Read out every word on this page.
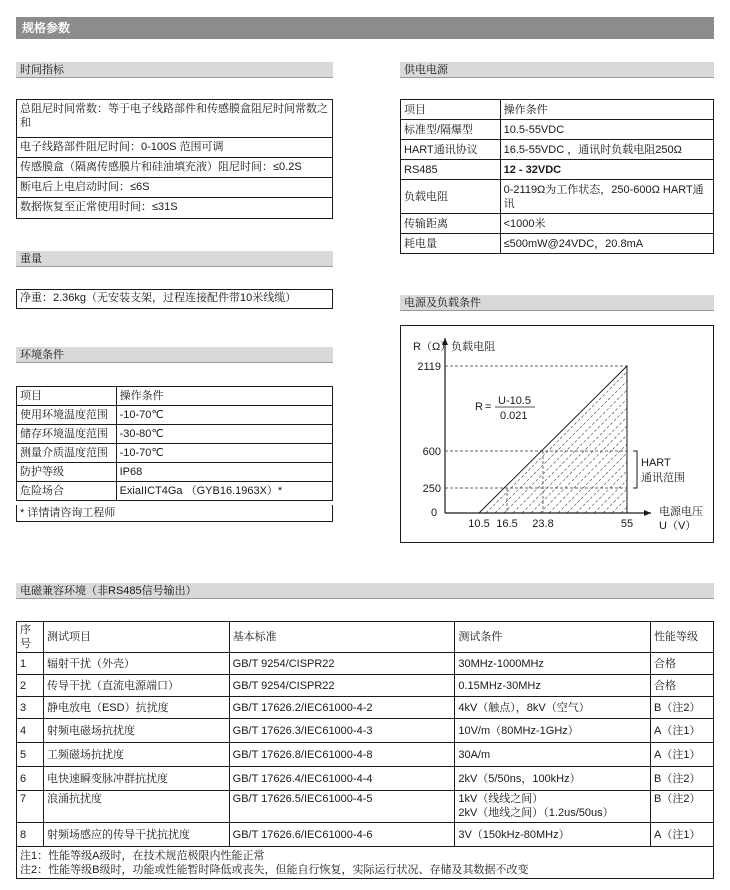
规格参数
时间指标
总阻尼时间常数：等于电子线路部件和传感膜盒阻尼时间常数之和
电子线路部件阻尼时间：0-100S 范围可调
传感膜盒（隔离传感膜片和硅油填充液）阻尼时间：≤0.2S
断电后上电启动时间：≤6S
数据恢复至正常使用时间：≤31S
重量
净重：2.36kg（无安装支架，过程连接配件带10米线缆）
环境条件
项目	操作条件
使用环境温度范围	-10-70℃
储存环境温度范围	-30-80℃
测量介质温度范围	-10-70℃
防护等级	IP68
危险场合	ExiaIICT4Ga （GYB16.1963X）*
* 详情请咨询工程师
供电电源
项目	操作条件
标准型/隔爆型	10.5-55VDC
HART通讯协议	16.5-55VDC ，通讯时负载电阻250Ω
RS485	12 - 32VDC
负载电阻	0-2119Ω为工作状态，250-600Ω HART通讯
传输距离	<1000米
耗电量	≤500mW@24VDC，20.8mA
电源及负载条件
2119
600
250
10.5 16.5 23.8	55
R（Ω）负载电阻
R = U-10.5
0.021
HART
通讯范围
0	电源电压
U（V）
电磁兼容环境（非RS485信号输出）
序号	测试项目	基本标准	测试条件	性能等级
1	辐射干扰（外壳）	GB/T 9254/CISPR22	30MHz-1000MHz	合格
2	传导干扰（直流电源端口）	GB/T 9254/CISPR22	0.15MHz-30MHz	合格
3	静电放电（ESD）抗扰度	GB/T 17626.2/IEC61000-4-2	4kV（触点），8kV（空气）	B（注2）
4	射频电磁场抗扰度	GB/T 17626.3/IEC61000-4-3	10V/m（80MHz-1GHz）	A（注1）
5	工频磁场抗扰度	GB/T 17626.8/IEC61000-4-8	30A/m	A（注1）
6	电快速瞬变脉冲群抗扰度	GB/T 17626.4/IEC61000-4-4	2kV（5/50ns，100kHz）	B（注2）
7	浪涌抗扰度	GB/T 17626.5/IEC61000-4-5	1kV（线线之间）
2kV（地线之间）（1.2us/50us）	B（注2）
8	射频场感应的传导干扰抗扰度	GB/T 17626.6/IEC61000-4-6	3V（150kHz-80MHz）	A（注1）

注1：性能等级A级时，在技术规范极限内性能正常
注2：性能等级B级时，功能或性能暂时降低或丧失，但能自行恢复，实际运行状况、存储及其数据不改变				
